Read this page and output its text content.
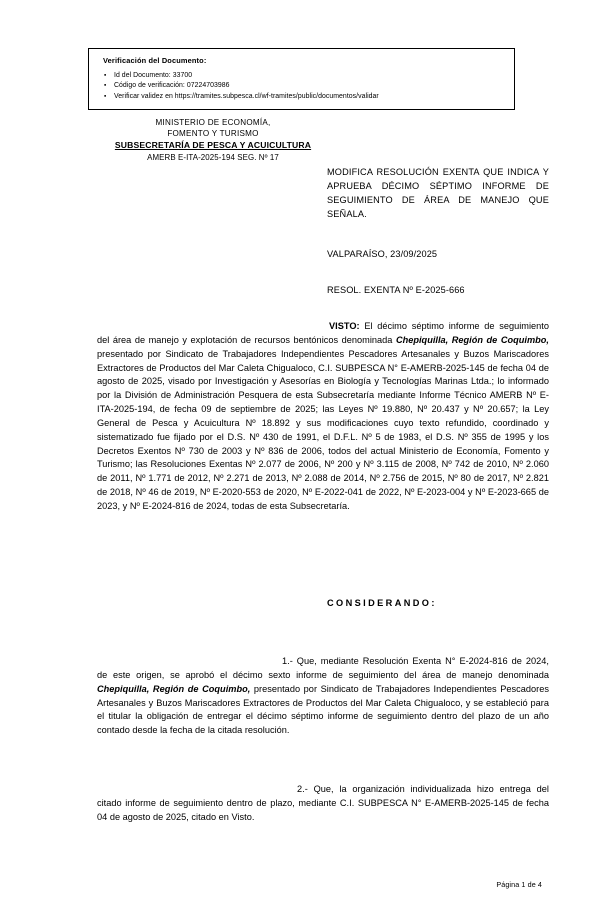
Verificación del Documento:
▪ Id del Documento: 33700
▪ Código de verificación: 07224703986
▪ Verificar validez en https://tramites.subpesca.cl/wf-tramites/public/documentos/validar
MINISTERIO DE ECONOMÍA,
FOMENTO Y TURISMO
SUBSECRETARÍA DE PESCA Y ACUICULTURA
AMERB E-ITA-2025-194 SEG. Nº 17
MODIFICA RESOLUCIÓN EXENTA QUE INDICA Y APRUEBA DÉCIMO SÉPTIMO INFORME DE SEGUIMIENTO DE ÁREA DE MANEJO QUE SEÑALA.
VALPARAÍSO, 23/09/2025
RESOL. EXENTA Nº E-2025-666

VISTO: El décimo séptimo informe de seguimiento del área de manejo y explotación de recursos bentónicos denominada Chepiquilla, Región de Coquimbo, presentado por Sindicato de Trabajadores Independientes Pescadores Artesanales y Buzos Mariscadores Extractores de Productos del Mar Caleta Chigualoco, C.I. SUBPESCA N° E-AMERB-2025-145 de fecha 04 de agosto de 2025, visado por Investigación y Asesorías en Biología y Tecnologías Marinas Ltda.; lo informado por la División de Administración Pesquera de esta Subsecretaría mediante Informe Técnico AMERB Nº E-ITA-2025-194, de fecha 09 de septiembre de 2025; las Leyes Nº 19.880, Nº 20.437 y Nº 20.657; la Ley General de Pesca y Acuicultura Nº 18.892 y sus modificaciones cuyo texto refundido, coordinado y sistematizado fue fijado por el D.S. Nº 430 de 1991, el D.F.L. Nº 5 de 1983, el D.S. Nº 355 de 1995 y los Decretos Exentos Nº 730 de 2003 y Nº 836 de 2006, todos del actual Ministerio de Economía, Fomento y Turismo; las Resoluciones Exentas Nº 2.077 de 2006, Nº 200 y Nº 3.115 de 2008, Nº 742 de 2010, Nº 2.060 de 2011, Nº 1.771 de 2012, Nº 2.271 de 2013, Nº 2.088 de 2014, Nº 2.756 de 2015, Nº 80 de 2017, Nº 2.821 de 2018, Nº 46 de 2019, Nº E-2020-553 de 2020, Nº E-2022-041 de 2022, Nº E-2023-004 y Nº E-2023-665 de 2023, y Nº E-2024-816 de 2024, todas de esta Subsecretaría.

CONSIDERANDO:

1.- Que, mediante Resolución Exenta N° E-2024-816 de 2024, de este origen, se aprobó el décimo sexto informe de seguimiento del área de manejo denominada Chepiquilla, Región de Coquimbo, presentado por Sindicato de Trabajadores Independientes Pescadores Artesanales y Buzos Mariscadores Extractores de Productos del Mar Caleta Chigualoco, y se estableció para el titular la obligación de entregar el décimo séptimo informe de seguimiento dentro del plazo de un año contado desde la fecha de la citada resolución.

2.- Que, la organización individualizada hizo entrega del citado informe de seguimiento dentro de plazo, mediante C.I. SUBPESCA N° E-AMERB-2025-145 de fecha 04 de agosto de 2025, citado en Visto.

Página 1 de 4
